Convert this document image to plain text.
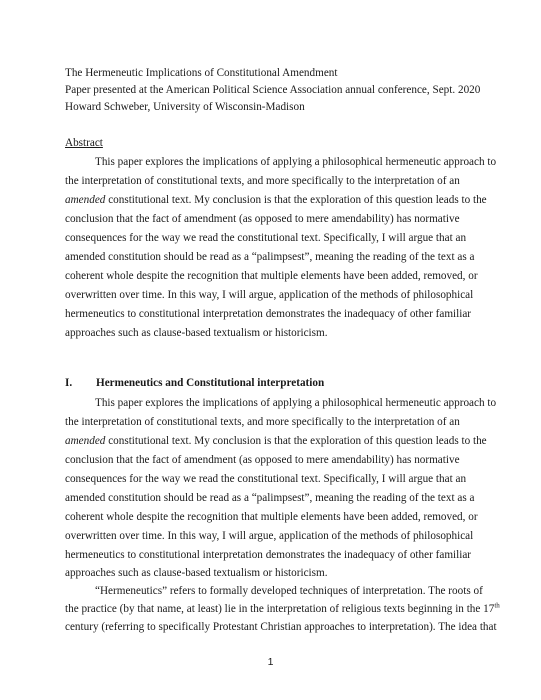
The Hermeneutic Implications of Constitutional Amendment
Paper presented at the American Political Science Association annual conference, Sept. 2020
Howard Schweber, University of Wisconsin-Madison
Abstract
This paper explores the implications of applying a philosophical hermeneutic approach to
the interpretation of constitutional texts, and more specifically to the interpretation of an
amended constitutional text. My conclusion is that the exploration of this question leads to the
conclusion that the fact of amendment (as opposed to mere amendability) has normative
consequences for the way we read the constitutional text. Specifically, I will argue that an
amended constitution should be read as a “palimpsest”, meaning the reading of the text as a
coherent whole despite the recognition that multiple elements have been added, removed, or
overwritten over time. In this way, I will argue, application of the methods of philosophical
hermeneutics to constitutional interpretation demonstrates the inadequacy of other familiar
approaches such as clause-based textualism or historicism.
I. Hermeneutics and Constitutional interpretation
This paper explores the implications of applying a philosophical hermeneutic approach to
the interpretation of constitutional texts, and more specifically to the interpretation of an
amended constitutional text. My conclusion is that the exploration of this question leads to the
conclusion that the fact of amendment (as opposed to mere amendability) has normative
consequences for the way we read the constitutional text. Specifically, I will argue that an
amended constitution should be read as a “palimpsest”, meaning the reading of the text as a
coherent whole despite the recognition that multiple elements have been added, removed, or
overwritten over time. In this way, I will argue, application of the methods of philosophical
hermeneutics to constitutional interpretation demonstrates the inadequacy of other familiar
approaches such as clause-based textualism or historicism.
“Hermeneutics” refers to formally developed techniques of interpretation. The roots of
the practice (by that name, at least) lie in the interpretation of religious texts beginning in the 17th
century (referring to specifically Protestant Christian approaches to interpretation). The idea that
1
